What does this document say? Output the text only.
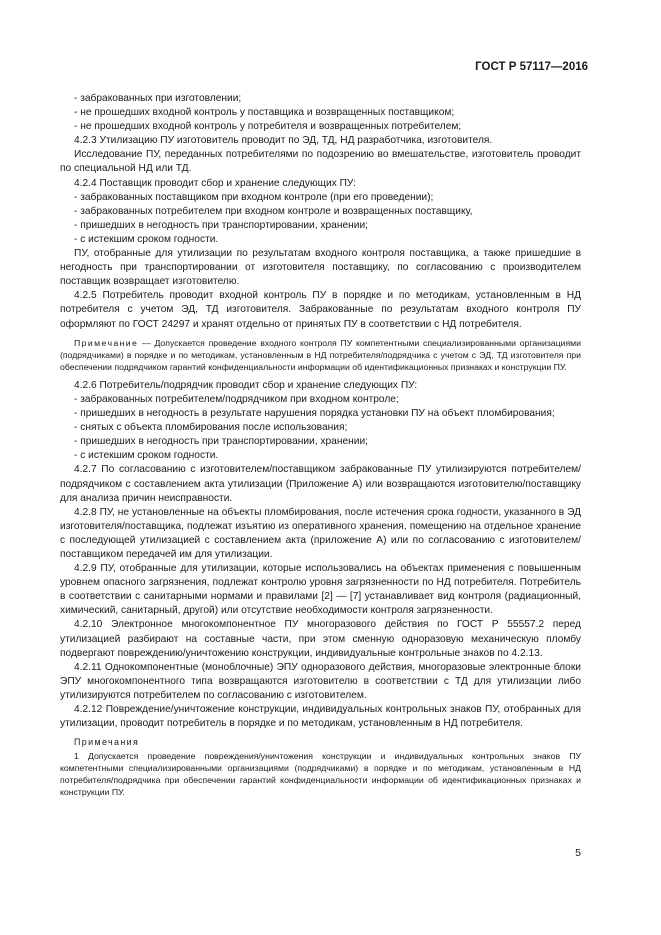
ГОСТ Р 57117—2016

- забракованных при изготовлении;

- не прошедших входной контроль у поставщика и возвращенных поставщиком;

- не прошедших входной контроль у потребителя и возвращенных потребителем;

4.2.3 Утилизацию ПУ изготовитель проводит по ЭД, ТД, НД разработчика, изготовителя.

Исследование ПУ, переданных потребителями по подозрению во вмешательстве, изготовитель проводит по специальной НД или ТД.

4.2.4 Поставщик проводит сбор и хранение следующих ПУ:

- забракованных поставщиком при входном контроле (при его проведении);

- забракованных потребителем при входном контроле и возвращенных поставщику,

- пришедших в негодность при транспортировании, хранении;

- с истекшим сроком годности.

ПУ, отобранные для утилизации по результатам входного контроля поставщика, а также пришедшие в негодность при транспортировании от изготовителя поставщику, по согласованию с производителем поставщик возвращает изготовителю.

4.2.5 Потребитель проводит входной контроль ПУ в порядке и по методикам, установленным в НД потребителя с учетом ЭД, ТД изготовителя. Забракованные по результатам входного контроля ПУ оформляют по ГОСТ 24297 и хранят отдельно от принятых ПУ в соответствии с НД потребителя.

Примечание — Допускается проведение входного контроля ПУ компетентными специализированными организациями (подрядчиками) в порядке и по методикам, установленным в НД потребителя/подрядчика с учетом с ЭД, ТД изготовителя при обеспечении подрядчиком гарантий конфиденциальности информации об идентификационных признаках и конструкции ПУ.

4.2.6 Потребитель/подрядчик проводит сбор и хранение следующих ПУ:

- забракованных потребителем/подрядчиком при входном контроле;

- пришедших в негодность в результате нарушения порядка установки ПУ на объект пломбирования;

- снятых с объекта пломбирования после использования;

- пришедших в негодность при транспортировании, хранении;

- с истекшим сроком годности.

4.2.7 По согласованию с изготовителем/поставщиком забракованные ПУ утилизируются потребителем/подрядчиком с составлением акта утилизации (Приложение А) или возвращаются изготовителю/поставщику для анализа причин неисправности.

4.2.8 ПУ, не установленные на объекты пломбирования, после истечения срока годности, указанного в ЭД изготовителя/поставщика, подлежат изъятию из оперативного хранения, помещению на отдельное хранение с последующей утилизацией с составлением акта (приложение А) или по согласованию с изготовителем/поставщиком передачей им для утилизации.

4.2.9 ПУ, отобранные для утилизации, которые использовались на объектах применения с повышенным уровнем опасного загрязнения, подлежат контролю уровня загрязненности по НД потребителя. Потребитель в соответствии с санитарными нормами и правилами [2] — [7] устанавливает вид контроля (радиационный, химический, санитарный, другой) или отсутствие необходимости контроля загрязненности.

4.2.10 Электронное многокомпонентное ПУ многоразового действия по ГОСТ Р 55557.2 перед утилизацией разбирают на составные части, при этом сменную одноразовую механическую пломбу подвергают повреждению/уничтожению конструкции, индивидуальные контрольные знаков по 4.2.13.

4.2.11 Однокомпонентные (моноблочные) ЭПУ одноразового действия, многоразовые электронные блоки ЭПУ многокомпонентного типа возвращаются изготовителю в соответствии с ТД для утилизации либо утилизируются потребителем по согласованию с изготовителем.

4.2.12 Повреждение/уничтожение конструкции, индивидуальных контрольных знаков ПУ, отобранных для утилизации, проводит потребитель в порядке и по методикам, установленным в НД потребителя.

Примечания

1 Допускается проведение повреждения/уничтожения конструкции и индивидуальных контрольных знаков ПУ компетентными специализированными организациями (подрядчиками) в порядке и по методикам, установленным в НД потребителя/подрядчика при обеспечении гарантий конфиденциальности информации об идентификационных признаках и конструкции ПУ.

5
